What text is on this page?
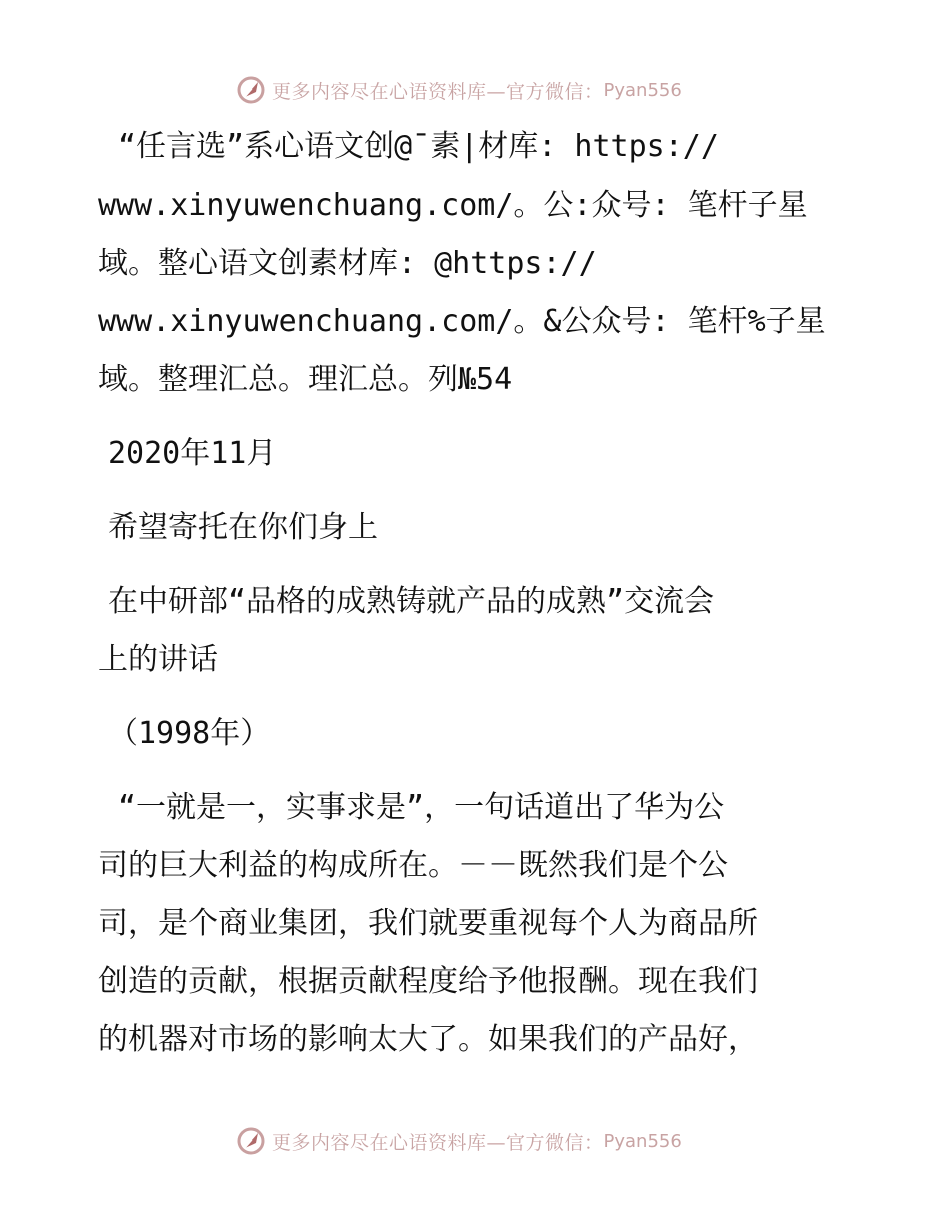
更多内容尽在心语资料库—官方微信： Pyan556
“任言选”系心语文创@¯素|材库: https://
www.xinyuwenchuang.com/。公:众号: 笔杆子星
域。整心语文创素材库: @https://
www.xinyuwenchuang.com/。&公众号: 笔杆%子星
域。整理汇总。理汇总。列№54
2020年11月
希望寄托在你们身上
在中研部“品格的成熟铸就产品的成熟”交流会
上的讲话
（1998年）
“一就是一，实事求是”，一句话道出了华为公
司的巨大利益的构成所在。－－既然我们是个公
司，是个商业集团，我们就要重视每个人为商品所
创造的贡献，根据贡献程度给予他报酬。现在我们
的机器对市场的影响太大了。如果我们的产品好，
更多内容尽在心语资料库—官方微信： Pyan556
